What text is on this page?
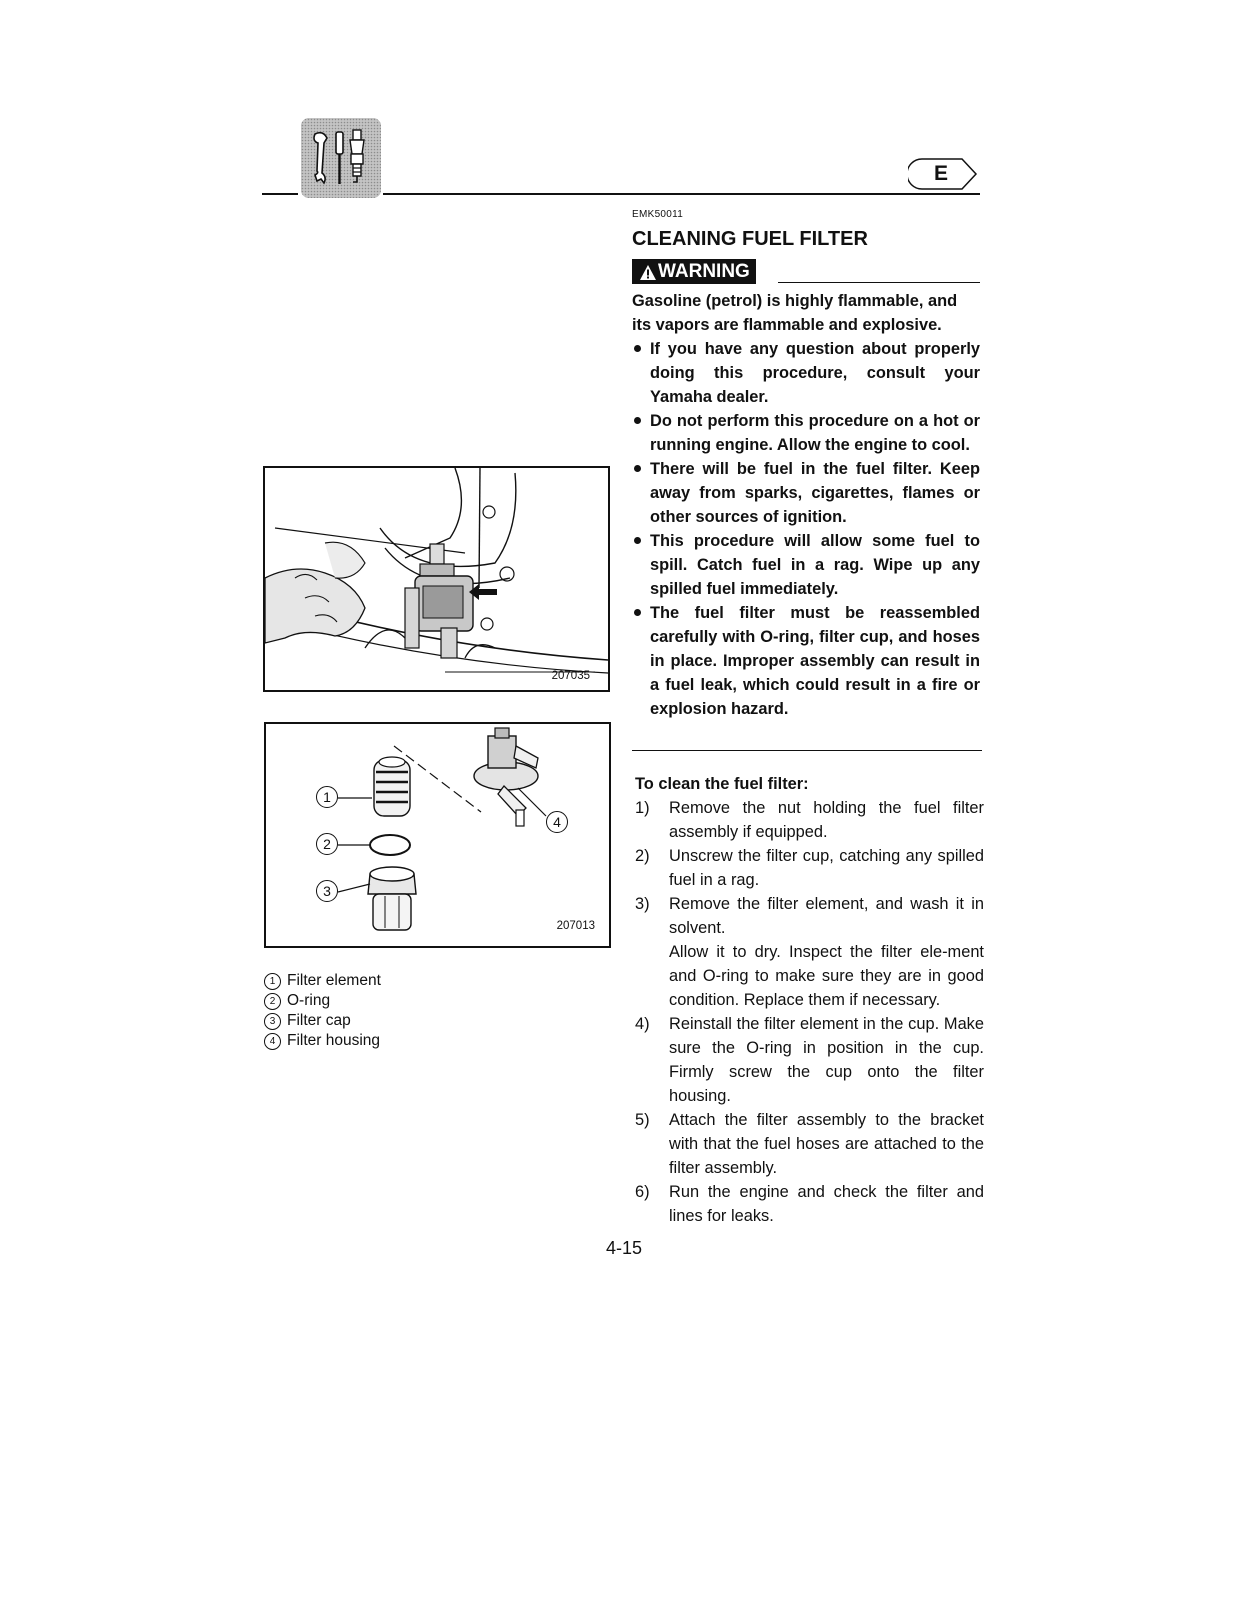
E
EMK50011
CLEANING FUEL FILTER
WARNING

Gasoline (petrol) is highly flammable, and its vapors are flammable and explosive.

If you have any question about properly doing this procedure, consult your Yamaha dealer.
Do not perform this procedure on a hot or running engine. Allow the engine to cool.
There will be fuel in the fuel filter. Keep away from sparks, cigarettes, flames or other sources of ignition.
This procedure will allow some fuel to spill. Catch fuel in a rag. Wipe up any spilled fuel immediately.
The fuel filter must be reassembled carefully with O-ring, filter cup, and hoses in place. Improper assembly can result in a fuel leak, which could result in a fire or explosion hazard.

To clean the fuel filter:

1) Remove the nut holding the fuel filter assembly if equipped.
2) Unscrew the filter cup, catching any spilled fuel in a rag.
3) Remove the filter element, and wash it in solvent.
Allow it to dry. Inspect the filter ele-ment and O-ring to make sure they are in good condition. Replace them if necessary.
4) Reinstall the filter element in the cup. Make sure the O-ring in position in the cup. Firmly screw the cup onto the filter housing.
5) Attach the filter assembly to the bracket with that the fuel hoses are attached to the filter assembly.
6) Run the engine and check the filter and lines for leaks.
4-15
207035
1
2
3
4
207013
1 Filter element
2 O-ring
3 Filter cap
4 Filter housing
